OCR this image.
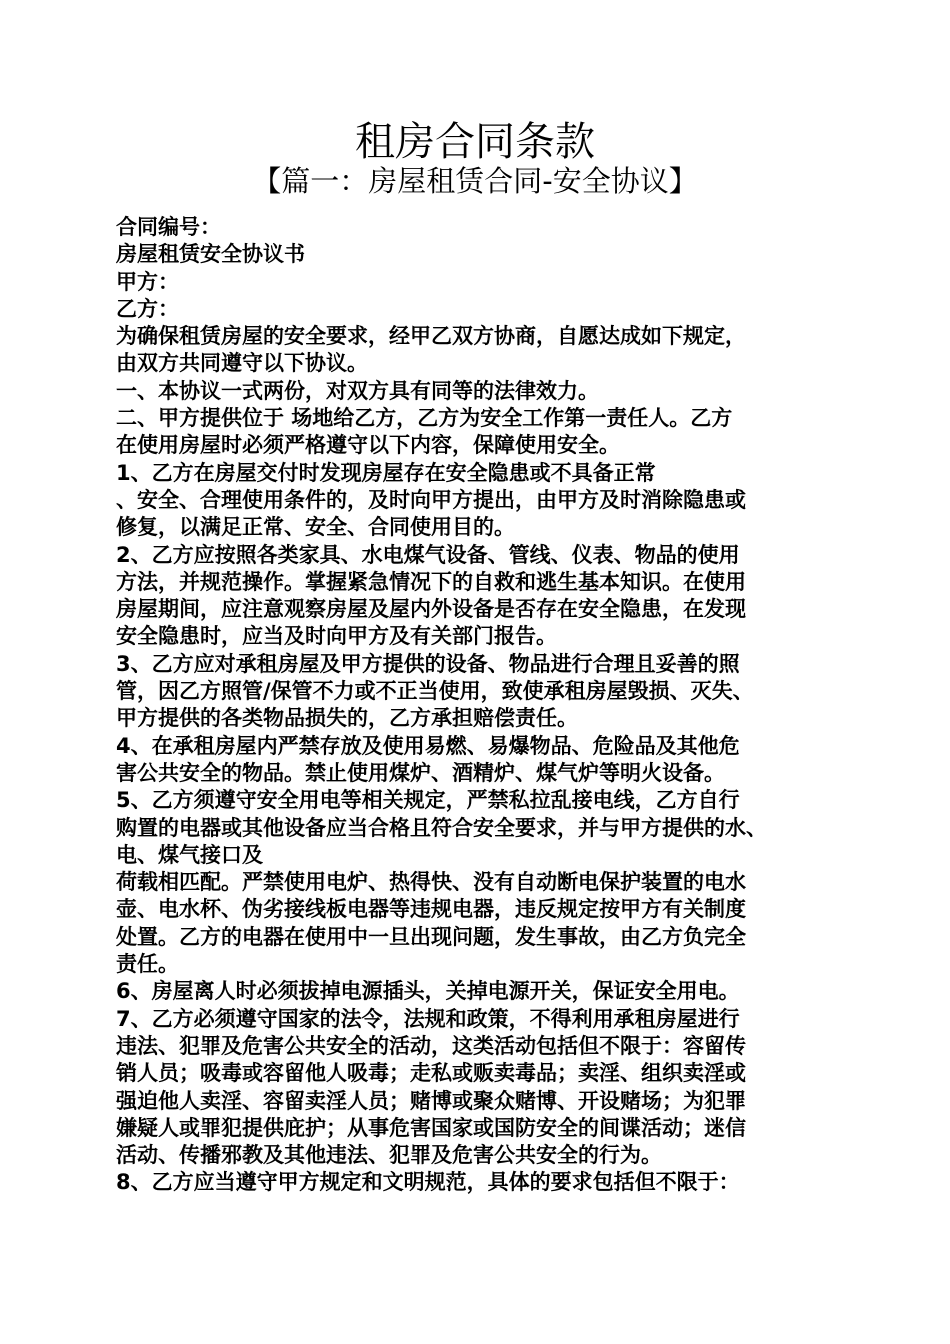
租房合同条款
【篇一：房屋租赁合同-安全协议】
合同编号：
房屋租赁安全协议书
甲方：
乙方：
为确保租赁房屋的安全要求，经甲乙双方协商，自愿达成如下规定，
由双方共同遵守以下协议。
一、本协议一式两份，对双方具有同等的法律效力。
二、甲方提供位于 场地给乙方，乙方为安全工作第一责任人。乙方
在使用房屋时必须严格遵守以下内容，保障使用安全。
1、乙方在房屋交付时发现房屋存在安全隐患或不具备正常
、安全、合理使用条件的，及时向甲方提出，由甲方及时消除隐患或
修复，以满足正常、安全、合同使用目的。
2、乙方应按照各类家具、水电煤气设备、管线、仪表、物品的使用
方法，并规范操作。掌握紧急情况下的自救和逃生基本知识。在使用
房屋期间，应注意观察房屋及屋内外设备是否存在安全隐患，在发现
安全隐患时，应当及时向甲方及有关部门报告。
3、乙方应对承租房屋及甲方提供的设备、物品进行合理且妥善的照
管，因乙方照管/保管不力或不正当使用，致使承租房屋毁损、灭失、
甲方提供的各类物品损失的，乙方承担赔偿责任。
4、在承租房屋内严禁存放及使用易燃、易爆物品、危险品及其他危
害公共安全的物品。禁止使用煤炉、酒精炉、煤气炉等明火设备。
5、乙方须遵守安全用电等相关规定，严禁私拉乱接电线，乙方自行
购置的电器或其他设备应当合格且符合安全要求，并与甲方提供的水、
电、煤气接口及
荷载相匹配。严禁使用电炉、热得快、没有自动断电保护装置的电水
壶、电水杯、伪劣接线板电器等违规电器，违反规定按甲方有关制度
处置。乙方的电器在使用中一旦出现问题，发生事故，由乙方负完全
责任。
6、房屋离人时必须拔掉电源插头，关掉电源开关，保证安全用电。
7、乙方必须遵守国家的法令，法规和政策，不得利用承租房屋进行
违法、犯罪及危害公共安全的活动，这类活动包括但不限于：容留传
销人员；吸毒或容留他人吸毒；走私或贩卖毒品；卖淫、组织卖淫或
强迫他人卖淫、容留卖淫人员；赌博或聚众赌博、开设赌场；为犯罪
嫌疑人或罪犯提供庇护；从事危害国家或国防安全的间谍活动；迷信
活动、传播邪教及其他违法、犯罪及危害公共安全的行为。
8、乙方应当遵守甲方规定和文明规范，具体的要求包括但不限于：
